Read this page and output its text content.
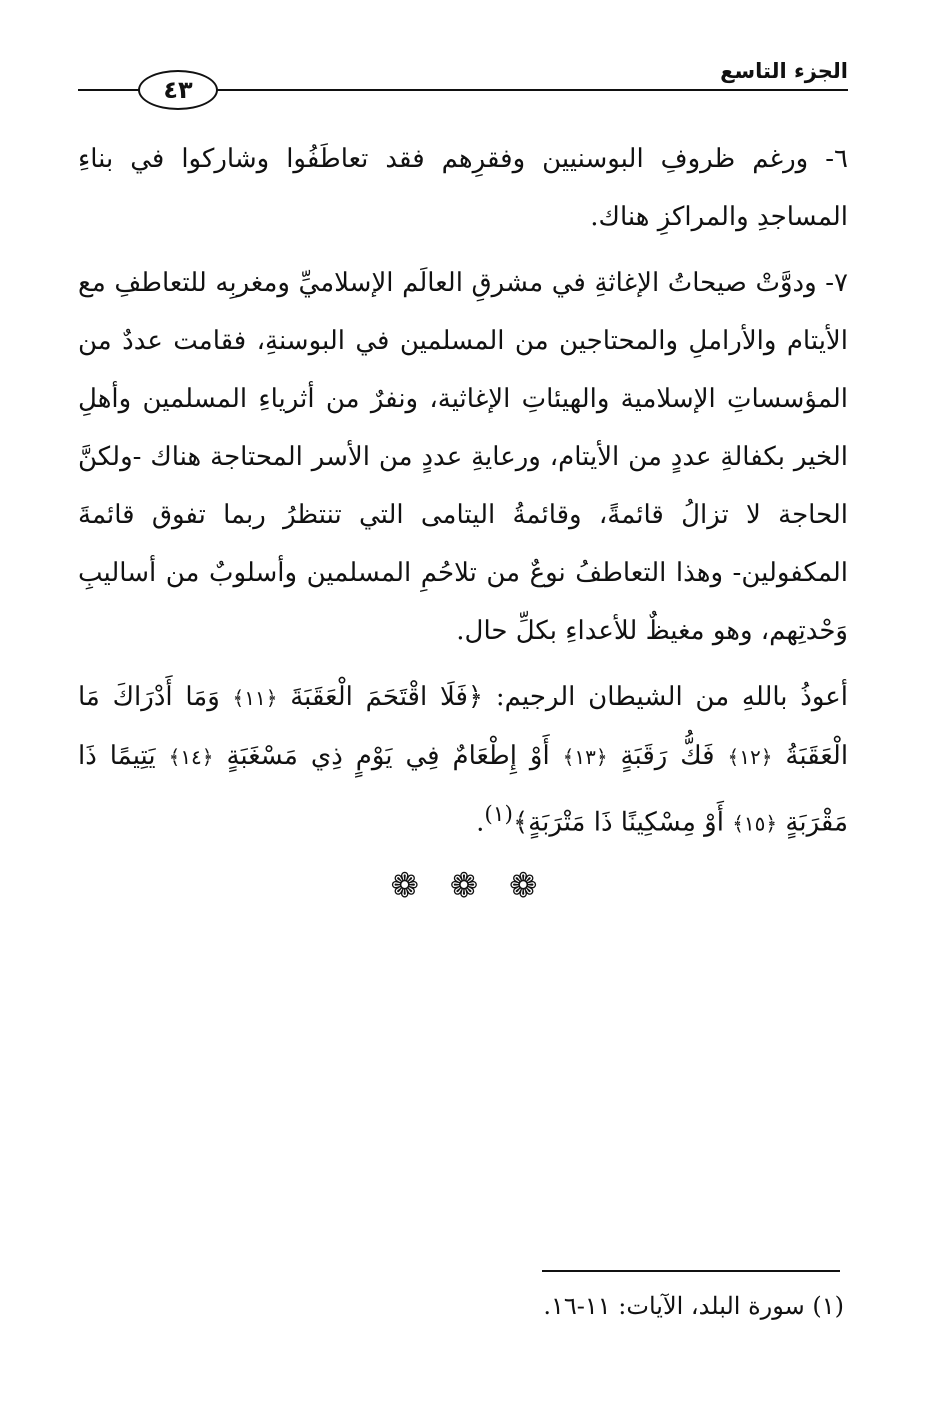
الجزء التاسع
٤٣

٦- ورغم ظروفِ البوسنيين وفقرِهم فقد تعاطَفُوا وشاركوا في بناءِ المساجدِ والمراكزِ هناك.

٧- ودوَّتْ صيحاتُ الإغاثةِ في مشرقِ العالَم الإسلاميِّ ومغربِه للتعاطفِ مع الأيتام والأراملِ والمحتاجين من المسلمين في البوسنةِ، فقامت عددٌ من المؤسساتِ الإسلامية والهيئاتِ الإغاثية، ونفرٌ من أثرياءِ المسلمين وأهلِ الخير بكفالةِ عددٍ من الأيتام، ورعايةِ عددٍ من الأسر المحتاجة هناك -ولكنَّ الحاجة لا تزالُ قائمةً، وقائمةُ اليتامى التي تنتظرُ ربما تفوق قائمةَ المكفولين- وهذا التعاطفُ نوعٌ من تلاحُمِ المسلمين وأسلوبٌ من أساليبِ وَحْدتِهم، وهو مغيظٌ للأعداءِ بكلِّ حال.

أعوذُ باللهِ من الشيطان الرجيم: ﴿فَلَا اقْتَحَمَ الْعَقَبَةَ ﴿١١﴾ وَمَا أَدْرَاكَ مَا الْعَقَبَةُ ﴿١٢﴾ فَكُّ رَقَبَةٍ ﴿١٣﴾ أَوْ إِطْعَامٌ فِي يَوْمٍ ذِي مَسْغَبَةٍ ﴿١٤﴾ يَتِيمًا ذَا مَقْرَبَةٍ ﴿١٥﴾ أَوْ مِسْكِينًا ذَا مَتْرَبَةٍ﴾$^{(١)}$.

❁ ❁ ❁
(١) سورة البلد، الآيات: ١١-١٦.
